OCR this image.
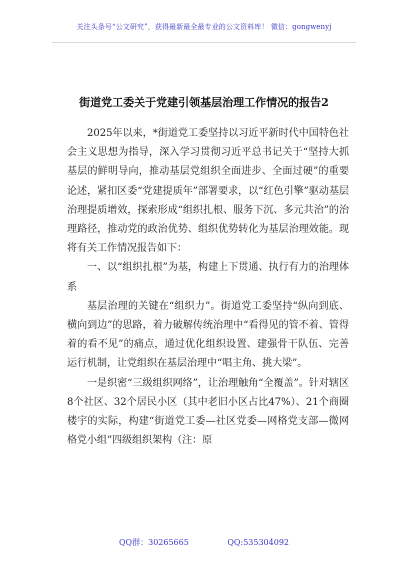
关注头条号“公文研究”，获得最新最全最专业的公文资料库！ 微信：gongwenyj
街道党工委关于党建引领基层治理工作情况的报告2

2025年以来，*街道党工委坚持以习近平新时代中国特色社会主义思想为指导，深入学习贯彻习近平总书记关于“坚持大抓基层的鲜明导向，推动基层党组织全面进步、全面过硬”的重要论述，紧扣区委“党建提质年”部署要求，以“红色引擎”驱动基层治理提质增效，探索形成“组织扎根、服务下沉、多元共治”的治理路径，推动党的政治优势、组织优势转化为基层治理效能。现将有关工作情况报告如下：

一、以“组织扎根”为基，构建上下贯通、执行有力的治理体系

基层治理的关键在“组织力”。街道党工委坚持“纵向到底、横向到边”的思路，着力破解传统治理中“看得见的管不着、管得着的看不见”的痛点，通过优化组织设置、建强骨干队伍、完善运行机制，让党组织在基层治理中“唱主角、挑大梁”。

一是织密“三级组织网络”，让治理触角“全覆盖”。针对辖区8个社区、32个居民小区（其中老旧小区占比47%）、21个商圈楼宇的实际，构建“街道党工委—社区党委—网格党支部—微网格党小组”四级组织架构（注：原

QQ群：30265665	QQ:535304092
